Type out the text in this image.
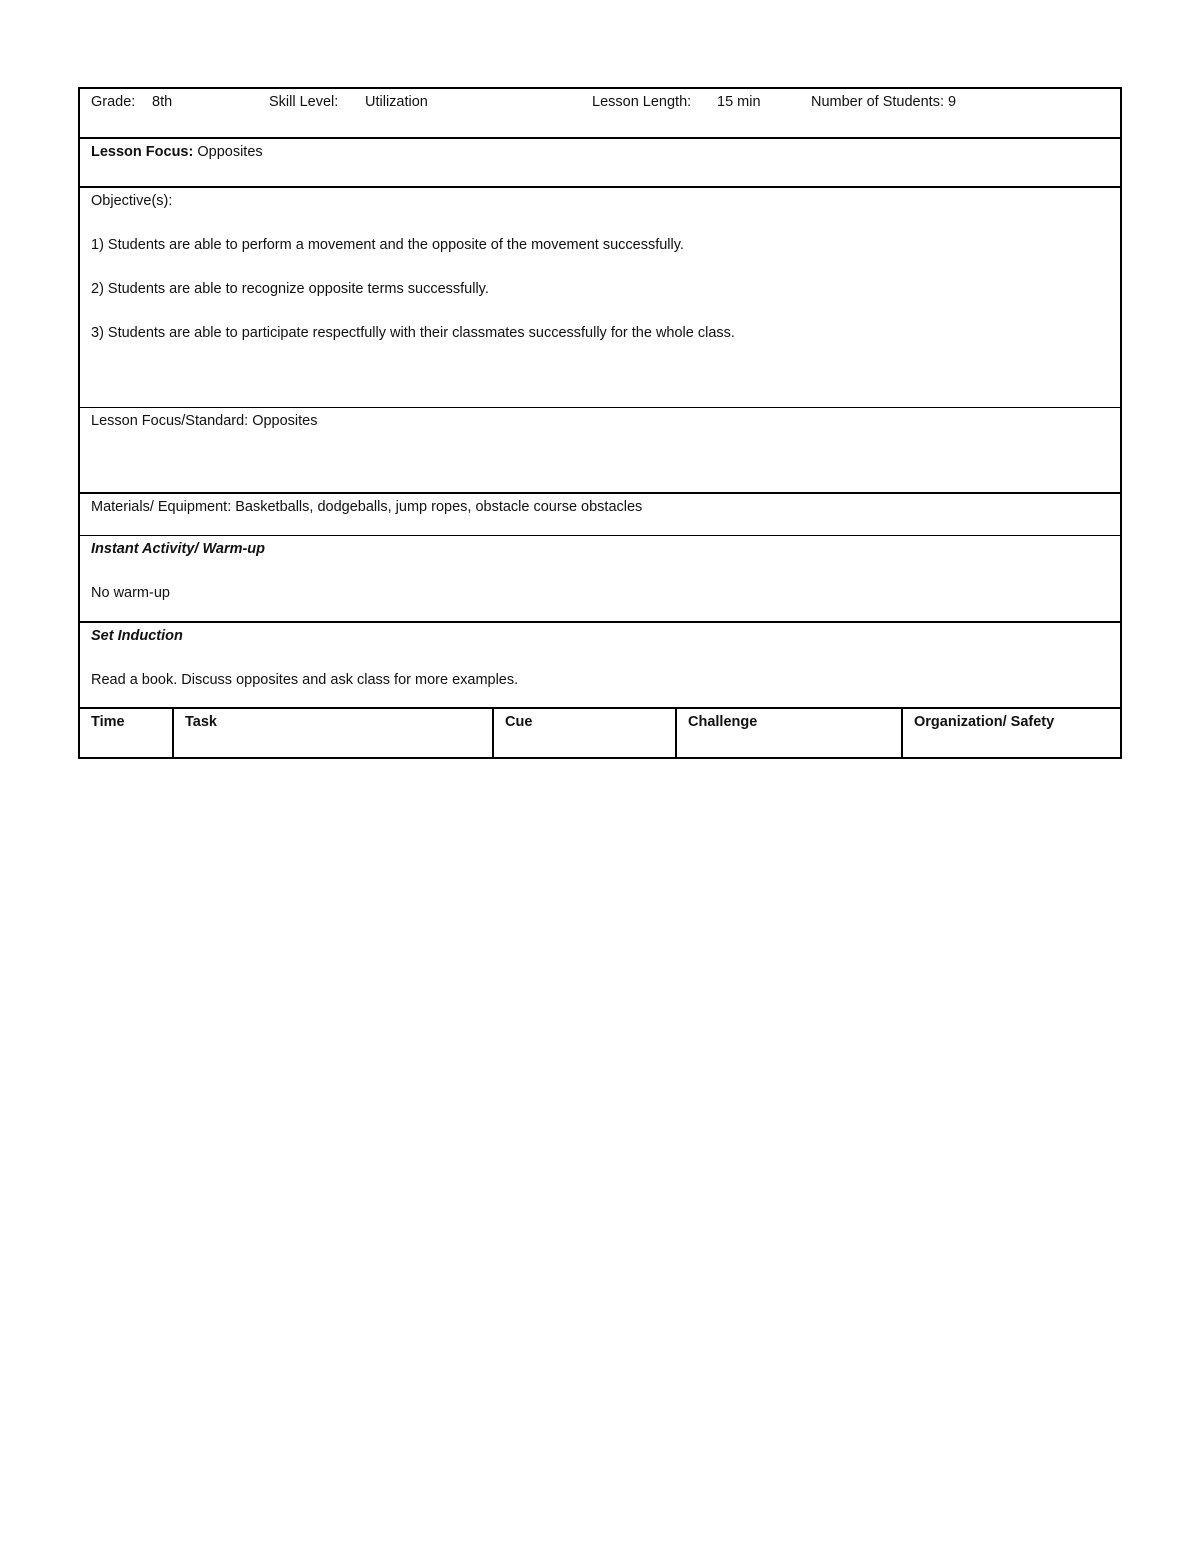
Grade: 8th	Skill Level: Utilization	Lesson Length: 15 min	Number of Students: 9
Lesson Focus: Opposites
Objective(s):
1) Students are able to perform a movement and the opposite of the movement successfully.
2) Students are able to recognize opposite terms successfully.
3) Students are able to participate respectfully with their classmates successfully for the whole class.
Lesson Focus/Standard: Opposites
Materials/ Equipment: Basketballs, dodgeballs, jump ropes, obstacle course obstacles
Instant Activity/ Warm-up
No warm-up
Set Induction
Read a book. Discuss opposites and ask class for more examples.
Time	Task	Cue	Challenge	Organization/ Safety
